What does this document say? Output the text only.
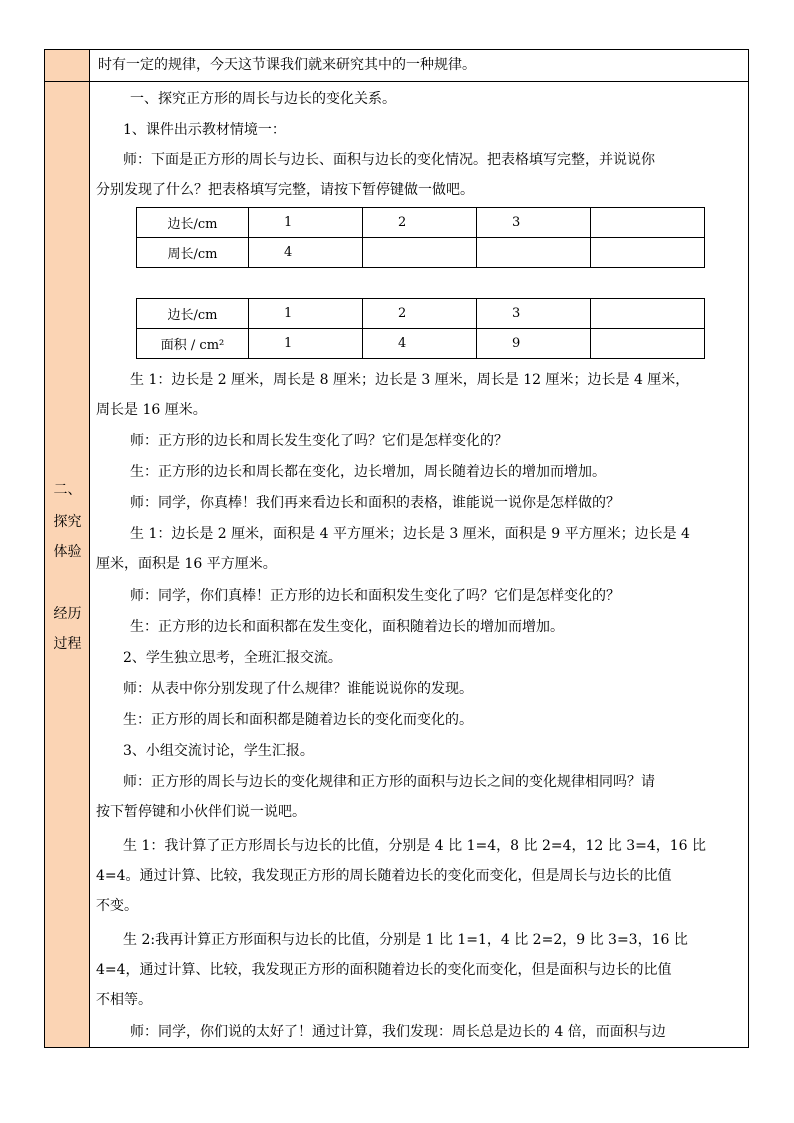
二、
探究
体验
经历
过程
时有一定的规律，今天这节课我们就来研究其中的一种规律。
一、探究正方形的周长与边长的变化关系。
1、课件出示教材情境一：
师：下面是正方形的周长与边长、面积与边长的变化情况。把表格填写完整，并说说你
分别发现了什么？把表格填写完整，请按下暂停键做一做吧。
边长/cm	1	2	3	
周长/cm	4			
边长/cm	1	2	3	
面积 / cm²	1	4	9	
生 1：边长是 2 厘米，周长是 8 厘米；边长是 3 厘米，周长是 12 厘米；边长是 4 厘米，
周长是 16 厘米。
师：正方形的边长和周长发生变化了吗？它们是怎样变化的？
生：正方形的边长和周长都在变化，边长增加，周长随着边长的增加而增加。
师：同学，你真棒！我们再来看边长和面积的表格，谁能说一说你是怎样做的？
生 1：边长是 2 厘米，面积是 4 平方厘米；边长是 3 厘米，面积是 9 平方厘米；边长是 4
厘米，面积是 16 平方厘米。
师：同学，你们真棒！正方形的边长和面积发生变化了吗？它们是怎样变化的？
生：正方形的边长和面积都在发生变化，面积随着边长的增加而增加。
2、学生独立思考，全班汇报交流。
师：从表中你分别发现了什么规律？谁能说说你的发现。
生：正方形的周长和面积都是随着边长的变化而变化的。
3、小组交流讨论，学生汇报。
师：正方形的周长与边长的变化规律和正方形的面积与边长之间的变化规律相同吗？请
按下暂停键和小伙伴们说一说吧。
生 1：我计算了正方形周长与边长的比值，分别是 4 比 1=4，8 比 2=4，12 比 3=4，16 比
4=4。通过计算、比较，我发现正方形的周长随着边长的变化而变化，但是周长与边长的比值
不变。
生 2:我再计算正方形面积与边长的比值，分别是 1 比 1=1，4 比 2=2，9 比 3=3，16 比
4=4，通过计算、比较，我发现正方形的面积随着边长的变化而变化，但是面积与边长的比值
不相等。
师：同学，你们说的太好了！通过计算，我们发现：周长总是边长的 4 倍，而面积与边
